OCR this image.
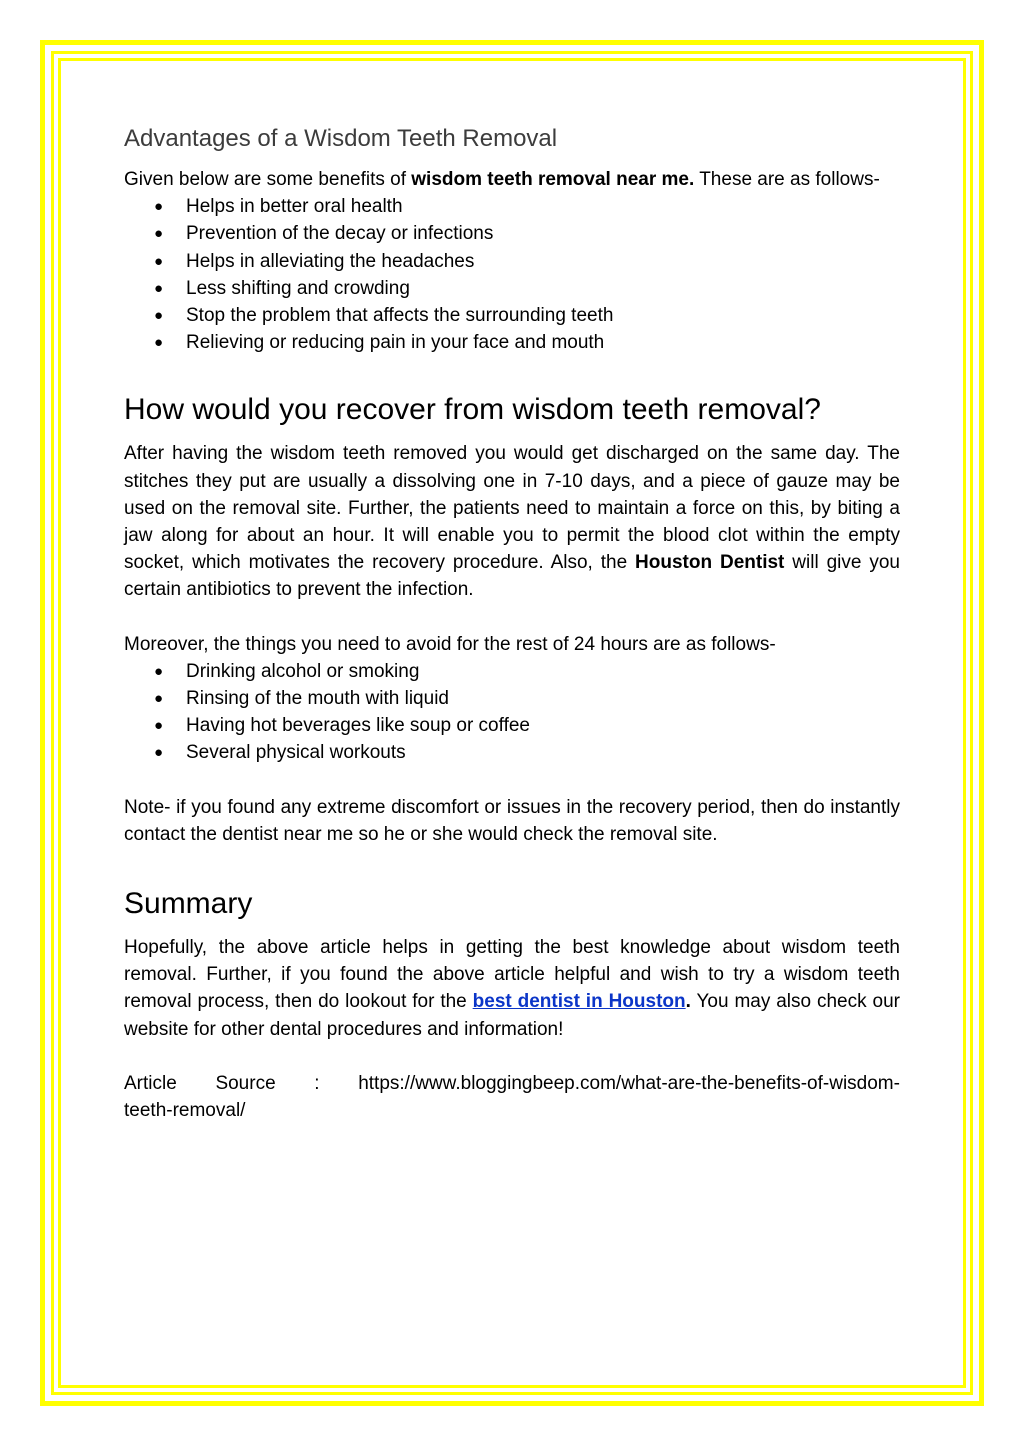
Advantages of a Wisdom Teeth Removal

Given below are some benefits of wisdom teeth removal near me. These are as follows-

● Helps in better oral health
● Prevention of the decay or infections
● Helps in alleviating the headaches
● Less shifting and crowding
● Stop the problem that affects the surrounding teeth
● Relieving or reducing pain in your face and mouth
How would you recover from wisdom teeth removal?

After having the wisdom teeth removed you would get discharged on the same day. The stitches they put are usually a dissolving one in 7-10 days, and a piece of gauze may be used on the removal site. Further, the patients need to maintain a force on this, by biting a jaw along for about an hour. It will enable you to permit the blood clot within the empty socket, which motivates the recovery procedure. Also, the Houston Dentist will give you certain antibiotics to prevent the infection.

Moreover, the things you need to avoid for the rest of 24 hours are as follows-

● Drinking alcohol or smoking
● Rinsing of the mouth with liquid
● Having hot beverages like soup or coffee
● Several physical workouts

Note- if you found any extreme discomfort or issues in the recovery period, then do instantly contact the dentist near me so he or she would check the removal site.

Summary

Hopefully, the above article helps in getting the best knowledge about wisdom teeth removal. Further, if you found the above article helpful and wish to try a wisdom teeth removal process, then do lookout for the best dentist in Houston. You may also check our website for other dental procedures and information!

Article Source : https://www.bloggingbeep.com/what-are-the-benefits-of-wisdom-

teeth-removal/
